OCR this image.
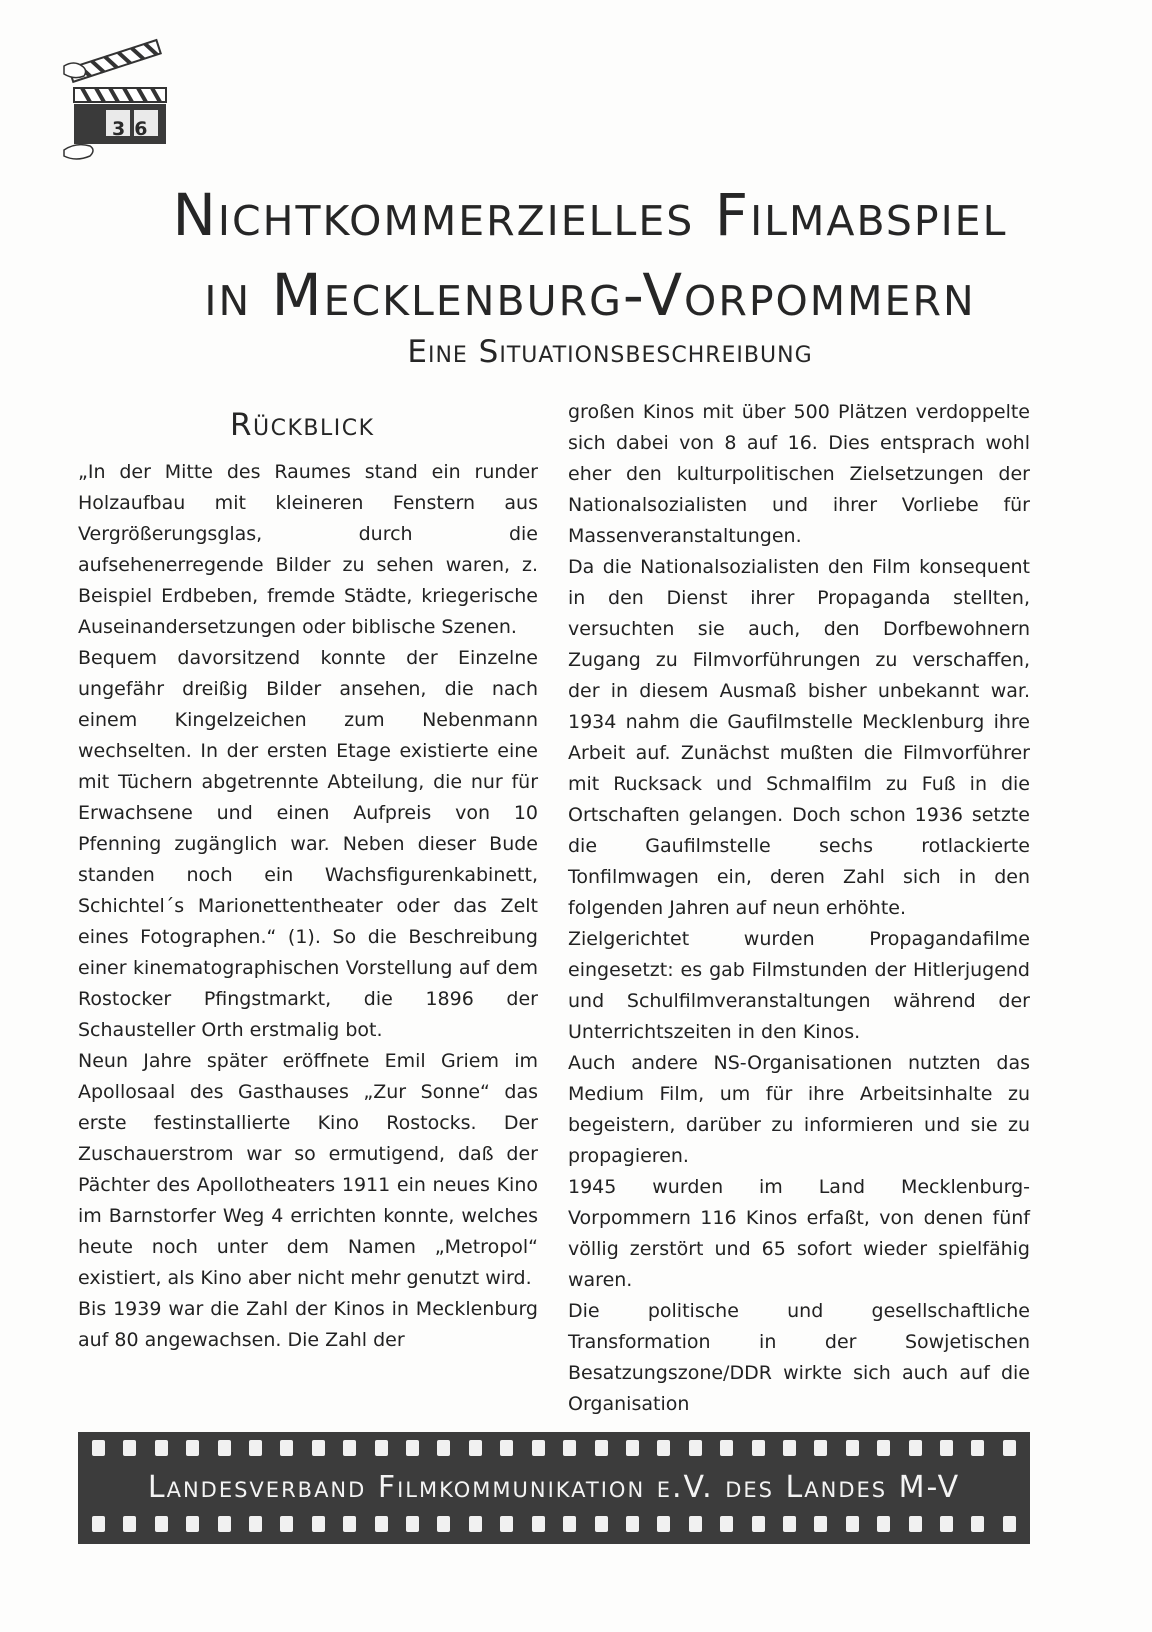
36
Nichtkommerzielles Filmabspiel
in Mecklenburg-Vorpommern
Eine Situationsbeschreibung
Rückblick

„In der Mitte des Raumes stand ein runder Holzaufbau mit kleineren Fenstern aus Vergrößerungsglas, durch die aufsehenerregende Bilder zu sehen waren, z. Beispiel Erdbeben, fremde Städte, kriegerische Auseinandersetzungen oder biblische Szenen.

Bequem davorsitzend konnte der Einzelne ungefähr dreißig Bilder ansehen, die nach einem Kingelzeichen zum Nebenmann wechselten. In der ersten Etage existierte eine mit Tüchern abgetrennte Abteilung, die nur für Erwachsene und einen Aufpreis von 10 Pfenning zugänglich war. Neben dieser Bude standen noch ein Wachsfigurenkabinett, Schichtel´s Marionettentheater oder das Zelt eines Fotographen.“ (1). So die Beschreibung einer kinematographischen Vorstellung auf dem Rostocker Pfingstmarkt, die 1896 der Schausteller Orth erstmalig bot.

Neun Jahre später eröffnete Emil Griem im Apollosaal des Gasthauses „Zur Sonne“ das erste festinstallierte Kino Rostocks. Der Zuschauerstrom war so ermutigend, daß der Pächter des Apollotheaters 1911 ein neues Kino im Barnstorfer Weg 4 errichten konnte, welches heute noch unter dem Namen „Metropol“ existiert, als Kino aber nicht mehr genutzt wird.

Bis 1939 war die Zahl der Kinos in Mecklenburg auf 80 angewachsen. Die Zahl der

großen Kinos mit über 500 Plätzen verdoppelte sich dabei von 8 auf 16. Dies entsprach wohl eher den kulturpolitischen Zielsetzungen der Nationalsozialisten und ihrer Vorliebe für Massenveranstaltungen.

Da die Nationalsozialisten den Film konsequent in den Dienst ihrer Propaganda stellten, versuchten sie auch, den Dorfbewohnern Zugang zu Filmvorführungen zu verschaffen, der in diesem Ausmaß bisher unbekannt war. 1934 nahm die Gaufilmstelle Mecklenburg ihre Arbeit auf. Zunächst mußten die Filmvorführer mit Rucksack und Schmalfilm zu Fuß in die Ortschaften gelangen. Doch schon 1936 setzte die Gaufilmstelle sechs rotlackierte Tonfilmwagen ein, deren Zahl sich in den folgenden Jahren auf neun erhöhte.

Zielgerichtet wurden Propagandafilme eingesetzt: es gab Filmstunden der Hitlerjugend und Schulfilmveranstaltungen während der Unterrichtszeiten in den Kinos.

Auch andere NS-Organisationen nutzten das Medium Film, um für ihre Arbeitsinhalte zu begeistern, darüber zu informieren und sie zu propagieren.

1945 wurden im Land Mecklenburg-Vorpommern 116 Kinos erfaßt, von denen fünf völlig zerstört und 65 sofort wieder spielfähig waren.

Die politische und gesellschaftliche Transformation in der Sowjetischen Besatzungszone/DDR wirkte sich auch auf die Organisation

Landesverband Filmkommunikation e.V. des Landes M-V
